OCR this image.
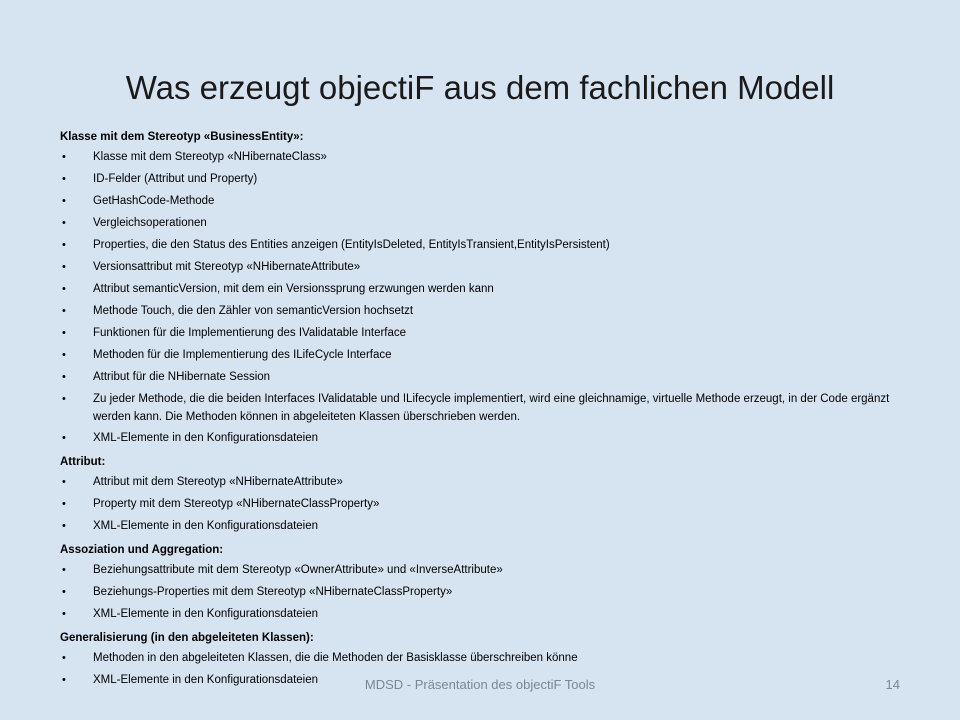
Was erzeugt objectiF aus dem fachlichen Modell
Klasse mit dem Stereotyp «BusinessEntity»:
• Klasse mit dem Stereotyp «NHibernateClass»
• ID-Felder (Attribut und Property)
• GetHashCode-Methode
• Vergleichsoperationen
• Properties, die den Status des Entities anzeigen (EntityIsDeleted, EntityIsTransient,EntityIsPersistent)
• Versionsattribut mit Stereotyp «NHibernateAttribute»
• Attribut semanticVersion, mit dem ein Versionssprung erzwungen werden kann
• Methode Touch, die den Zähler von semanticVersion hochsetzt
• Funktionen für die Implementierung des IValidatable Interface
• Methoden für die Implementierung des ILifeCycle Interface
• Attribut für die NHibernate Session
• Zu jeder Methode, die die beiden Interfaces IValidatable und ILifecycle implementiert, wird eine gleichnamige, virtuelle Methode erzeugt, in der Code ergänzt werden kann. Die Methoden können in abgeleiteten Klassen überschrieben werden.
• XML-Elemente in den Konfigurationsdateien
Attribut:
• Attribut mit dem Stereotyp «NHibernateAttribute»
• Property mit dem Stereotyp «NHibernateClassProperty»
• XML-Elemente in den Konfigurationsdateien
Assoziation und Aggregation:
• Beziehungsattribute mit dem Stereotyp «OwnerAttribute» und «InverseAttribute»
• Beziehungs-Properties mit dem Stereotyp «NHibernateClassProperty»
• XML-Elemente in den Konfigurationsdateien
Generalisierung (in den abgeleiteten Klassen):
• Methoden in den abgeleiteten Klassen, die die Methoden der Basisklasse überschreiben könne
• XML-Elemente in den Konfigurationsdateien	MDSD - Präsentation des objectiF Tools	14
